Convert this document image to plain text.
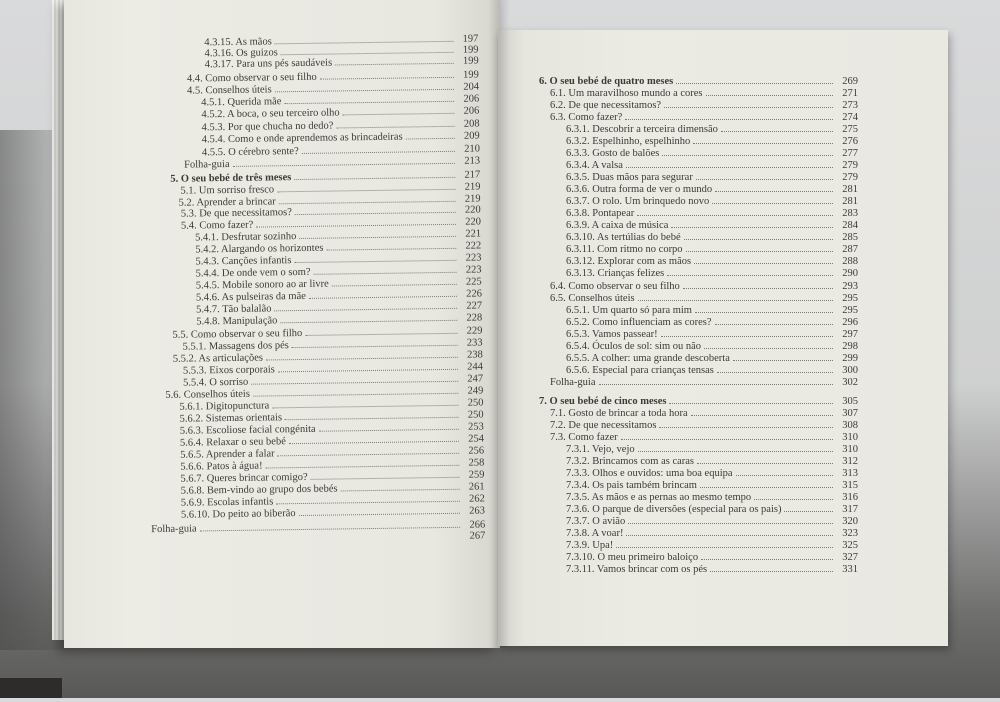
4.3.15. As mãos	197
4.3.16. Os guizos	199
4.3.17. Para uns pés saudáveis	199
4.4. Como observar o seu filho	199
4.5. Conselhos úteis	204
4.5.1. Querida mãe	206
4.5.2. A boca, o seu terceiro olho	206
4.5.3. Por que chucha no dedo?	208
4.5.4. Como e onde aprendemos as brincadeiras	209
4.5.5. O cérebro sente?	210
Folha-guia	213
5. O seu bebé de três meses	217
5.1. Um sorriso fresco	219
5.2. Aprender a brincar	219
5.3. De que necessitamos?	220
5.4. Como fazer?	220
5.4.1. Desfrutar sozinho	221
5.4.2. Alargando os horizontes	222
5.4.3. Canções infantis	223
5.4.4. De onde vem o som?	223
5.4.5. Mobile sonoro ao ar livre	225
5.4.6. As pulseiras da mãe	226
5.4.7. Tão balalão	227
5.4.8. Manipulação	228
5.5. Como observar o seu filho	229
5.5.1. Massagens dos pés	233
5.5.2. As articulações	238
5.5.3. Eixos corporais	244
5.5.4. O sorriso	247
5.6. Conselhos úteis	249
5.6.1. Digitopunctura	250
5.6.2. Sistemas orientais	250
5.6.3. Escoliose facial congénita	253
5.6.4. Relaxar o seu bebé	254
5.6.5. Aprender a falar	256
5.6.6. Patos à água!	258
5.6.7. Queres brincar comigo?	259
5.6.8. Bem-vindo ao grupo dos bebés	261
5.6.9. Escolas infantis	262
5.6.10. Do peito ao biberão	263
Folha-guia	266
267
6. O seu bebé de quatro meses	269
6.1. Um maravilhoso mundo a cores	271
6.2. De que necessitamos?	273
6.3. Como fazer?	274
6.3.1. Descobrir a terceira dimensão	275
6.3.2. Espelhinho, espelhinho	276
6.3.3. Gosto de balões	277
6.3.4. A valsa	279
6.3.5. Duas mãos para segurar	279
6.3.6. Outra forma de ver o mundo	281
6.3.7. O rolo. Um brinquedo novo	281
6.3.8. Pontapear	283
6.3.9. A caixa de música	284
6.3.10. As tertúlias do bebé	285
6.3.11. Com ritmo no corpo	287
6.3.12. Explorar com as mãos	288
6.3.13. Crianças felizes	290
6.4. Como observar o seu filho	293
6.5. Conselhos úteis	295
6.5.1. Um quarto só para mim	295
6.5.2. Como influenciam as cores?	296
6.5.3. Vamos passear!	297
6.5.4. Óculos de sol: sim ou não	298
6.5.5. A colher: uma grande descoberta	299
6.5.6. Especial para crianças tensas	300
Folha-guia	302
7. O seu bebé de cinco meses	305
7.1. Gosto de brincar a toda hora	307
7.2. De que necessitamos	308
7.3. Como fazer	310
7.3.1. Vejo, vejo	310
7.3.2. Brincamos com as caras	312
7.3.3. Olhos e ouvidos: uma boa equipa	313
7.3.4. Os pais também brincam	315
7.3.5. As mãos e as pernas ao mesmo tempo	316
7.3.6. O parque de diversões (especial para os pais)	317
7.3.7. O avião	320
7.3.8. A voar!	323
7.3.9. Upa!	325
7.3.10. O meu primeiro baloiço	327
7.3.11. Vamos brincar com os pés	331
